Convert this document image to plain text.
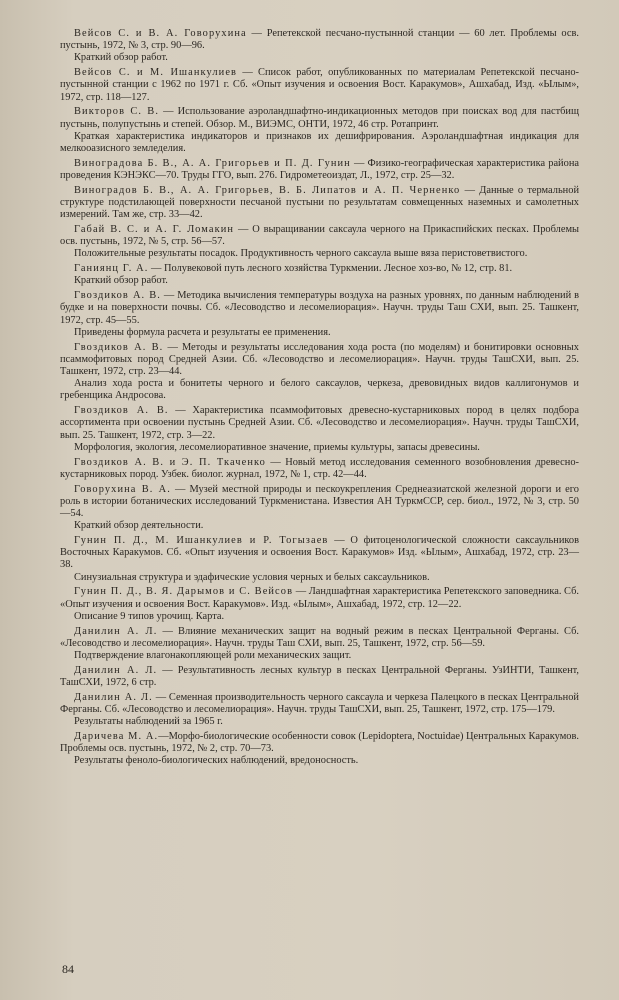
Вейсов С. и В. А. Говорухина — Репетекской песчано-пустынной станции — 60 лет. Проблемы осв. пустынь, 1972, № 3, стр. 90—96.

Краткий обзор работ.

Вейсов С. и М. Ишанкулиев — Список работ, опубликованных по материалам Репетекской песчано-пустынной станции с 1962 по 1971 г. Сб. «Опыт изучения и освоения Вост. Каракумов», Ашхабад, Изд. «Ылым», 1972, стр. 118—127.

Викторов С. В. — Использование аэроландшафтно-индикационных методов при поисках вод для пастбищ пустынь, полупустынь и степей. Обзор. М., ВИЭМС, ОНТИ, 1972, 46 стр. Ротапринт.

Краткая характеристика индикаторов и признаков их дешифрирования. Аэроландшафтная индикация для мелкооазисного земледелия.

Виноградова Б. В., А. А. Григорьев и П. Д. Гунин — Физико-географическая характеристика района проведения КЭНЭКС—70. Труды ГГО, вып. 276. Гидрометеоиздат, Л., 1972, стр. 25—32.

Виноградов Б. В., А. А. Григорьев, В. Б. Липатов и А. П. Черненко — Данные о термальной структуре подстилающей поверхности песчаной пустыни по результатам совмещенных наземных и самолетных измерений. Там же, стр. 33—42.

Габай В. С. и А. Г. Ломакин — О выращивании саксаула черного на Прикаспийских песках. Проблемы осв. пустынь, 1972, № 5, стр. 56—57.

Положительные результаты посадок. Продуктивность черного саксаула выше вяза перистоветвистого.

Ганиянц Г. А. — Полувековой путь лесного хозяйства Туркмении. Лесное хоз-во, № 12, стр. 81.

Краткий обзор работ.

Гвоздиков А. В. — Методика вычисления температуры воздуха на разных уровнях, по данным наблюдений в будке и на поверхности почвы. Сб. «Лесоводство и лесомелиорация». Научн. труды Таш СХИ, вып. 25. Ташкент, 1972, стр. 45—55.

Приведены формула расчета и результаты ее применения.

Гвоздиков А. В. — Методы и результаты исследования хода роста (по моделям) и бонитировки основных псаммофитовых пород Средней Азии. Сб. «Лесоводство и лесомелиорация». Научн. труды ТашСХИ, вып. 25. Ташкент, 1972, стр. 23—44.

Анализ хода роста и бонитеты черного и белого саксаулов, черкеза, древовидных видов каллигонумов и гребенщика Андросова.

Гвоздиков А. В. — Характеристика псаммофитовых древесно-кустарниковых пород в целях подбора ассортимента при освоении пустынь Средней Азии. Сб. «Лесоводство и лесомелиорация». Научн. труды ТашСХИ, вып. 25. Ташкент, 1972, стр. 3—22.

Морфология, экология, лесомелиоративное значение, приемы культуры, запасы древесины.

Гвоздиков А. В. и Э. П. Ткаченко — Новый метод исследования семенного возобновления древесно-кустарниковых пород. Узбек. биолог. журнал, 1972, № 1, стр. 42—44.

Говорухина В. А. — Музей местной природы и пескоукрепления Среднеазиатской железной дороги и его роль в истории ботанических исследований Туркменистана. Известия АН ТуркмССР, сер. биол., 1972, № 3, стр. 50—54.

Краткий обзор деятельности.

Гунин П. Д., М. Ишанкулиев и Р. Тогызаев — О фитоценологической сложности саксаульников Восточных Каракумов. Сб. «Опыт изучения и освоения Вост. Каракумов» Изд. «Ылым», Ашхабад, 1972, стр. 23—38.

Синузиальная структура и эдафические условия черных и белых саксаульников.

Гунин П. Д., В. Я. Дарымов и С. Вейсов — Ландшафтная характеристика Репетекского заповедника. Сб. «Опыт изучения и освоения Вост. Каракумов». Изд. «Ылым», Ашхабад, 1972, стр. 12—22.

Описание 9 типов урочищ. Карта.

Данилин А. Л. — Влияние механических защит на водный режим в песках Центральной Ферганы. Сб. «Лесоводство и лесомелиорация». Научн. труды Таш СХИ, вып. 25, Ташкент, 1972, стр. 56—59.

Подтверждение влагонакопляющей роли механических защит.

Данилин А. Л. — Результативность лесных культур в песках Центральной Ферганы. УзИНТИ, Ташкент, ТашСХИ, 1972, 6 стр.

Данилин А. Л. — Семенная производительность черного саксаула и черкеза Палецкого в песках Центральной Ферганы. Сб. «Лесоводство и лесомелиорация». Научн. труды ТашСХИ, вып. 25, Ташкент, 1972, стр. 175—179.

Результаты наблюдений за 1965 г.

Даричева М. А.—Морфо-биологические особенности совок (Lepidoptera, Noctuidae) Центральных Каракумов. Проблемы осв. пустынь, 1972, № 2, стр. 70—73.

Результаты феноло-биологических наблюдений, вредоносность.

84
